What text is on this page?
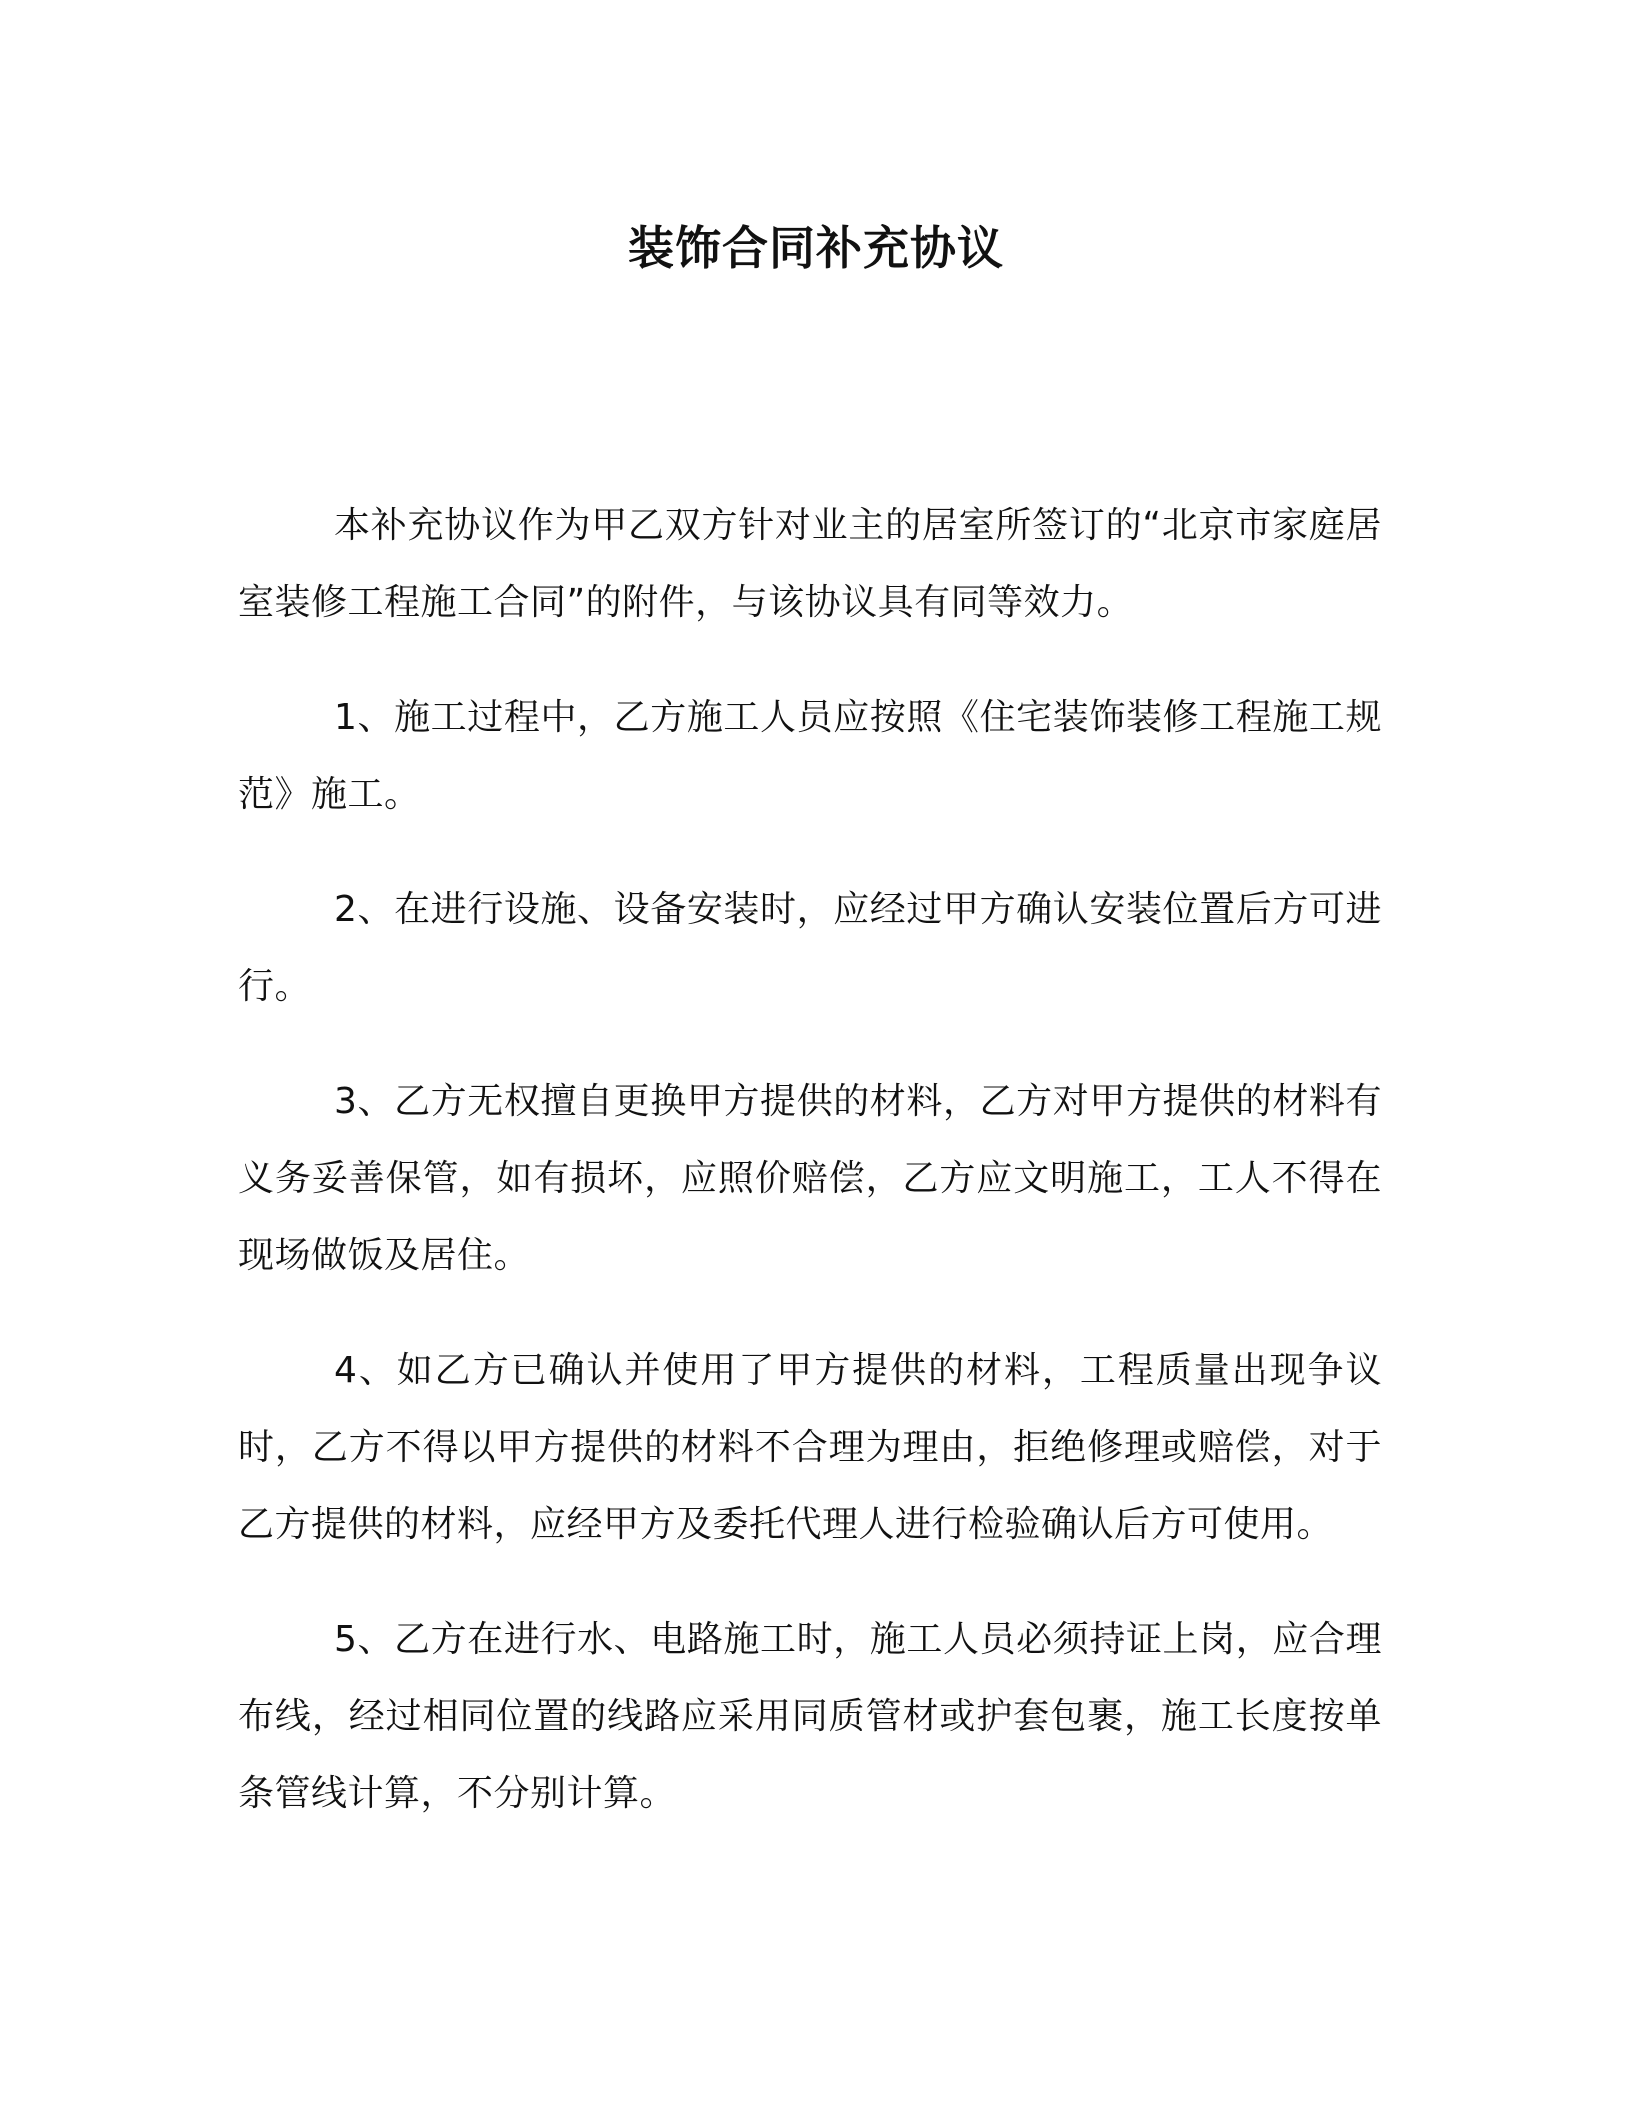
装饰合同补充协议

本补充协议作为甲乙双方针对业主的居室所签订的“北京市家庭居室装修工程施工合同”的附件，与该协议具有同等效力。

1、施工过程中，乙方施工人员应按照《住宅装饰装修工程施工规范》施工。

2、在进行设施、设备安装时，应经过甲方确认安装位置后方可进行。

3、乙方无权擅自更换甲方提供的材料，乙方对甲方提供的材料有义务妥善保管，如有损坏，应照价赔偿，乙方应文明施工，工人不得在现场做饭及居住。

4、如乙方已确认并使用了甲方提供的材料，工程质量出现争议时，乙方不得以甲方提供的材料不合理为理由，拒绝修理或赔偿，对于乙方提供的材料，应经甲方及委托代理人进行检验确认后方可使用。

5、乙方在进行水、电路施工时，施工人员必须持证上岗，应合理布线，经过相同位置的线路应采用同质管材或护套包裹，施工长度按单条管线计算，不分别计算。
